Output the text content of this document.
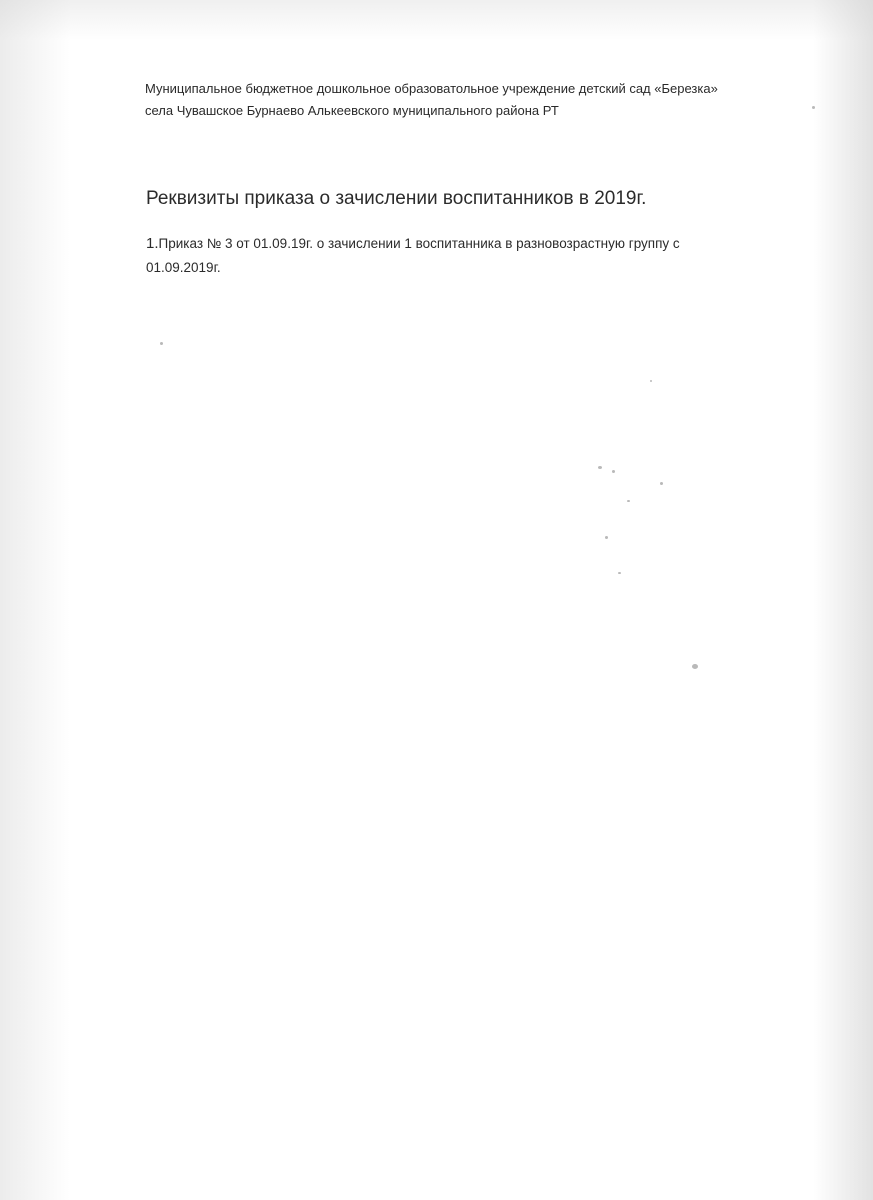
Муниципальное бюджетное дошкольное образоватольное учреждение детский сад «Березка»
села Чувашское Бурнаево Алькеевского муниципального района РТ
Реквизиты приказа о зачислении воспитанников в 2019г.
1.Приказ № 3 от 01.09.19г. о зачислении 1 воспитанника в разновозрастную группу с
01.09.2019г.
